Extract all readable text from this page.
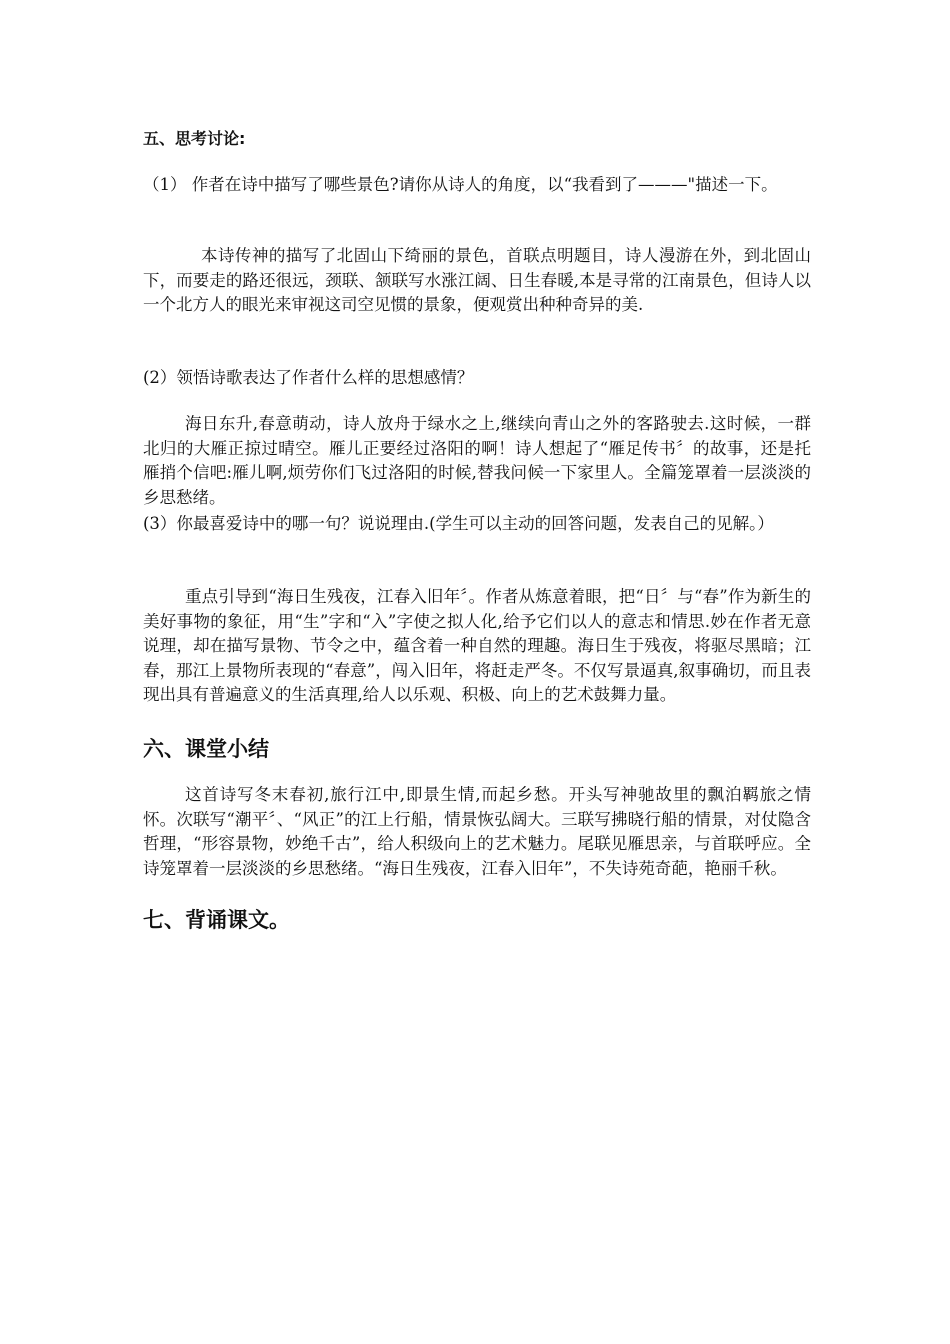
五、思考讨论:

（1） 作者在诗中描写了哪些景色?请你从诗人的角度，以“我看到了———"描述一下。

本诗传神的描写了北固山下绮丽的景色，首联点明题目，诗人漫游在外，到北固山下，而要走的路还很远，颈联、颔联写水涨江阔、日生春暖,本是寻常的江南景色，但诗人以一个北方人的眼光来审视这司空见惯的景象，便观赏出种种奇异的美.

(2）领悟诗歌表达了作者什么样的思想感情？

海日东升,春意萌动，诗人放舟于绿水之上,继续向青山之外的客路驶去.这时候，一群北归的大雁正掠过晴空。雁儿正要经过洛阳的啊！诗人想起了“雁足传书〞的故事，还是托雁捎个信吧:雁儿啊,烦劳你们飞过洛阳的时候,替我问候一下家里人。全篇笼罩着一层淡淡的乡思愁绪。

(3）你最喜爱诗中的哪一句？说说理由.(学生可以主动的回答问题，发表自己的见解。）

重点引导到“海日生残夜，江春入旧年〞。作者从炼意着眼，把“日〞与“春”作为新生的美好事物的象征，用“生”字和“入”字使之拟人化,给予它们以人的意志和情思.妙在作者无意说理，却在描写景物、节令之中，蕴含着一种自然的理趣。海日生于残夜，将驱尽黑暗；江春，那江上景物所表现的“春意”，闯入旧年，将赶走严冬。不仅写景逼真,叙事确切，而且表现出具有普遍意义的生活真理,给人以乐观、积极、向上的艺术鼓舞力量。

六、课堂小结

这首诗写冬末春初,旅行江中,即景生情,而起乡愁。开头写神驰故里的飘泊羁旅之情怀。次联写“潮平〞、“风正”的江上行船，情景恢弘阔大。三联写拂晓行船的情景，对仗隐含哲理，“形容景物，妙绝千古”，给人积级向上的艺术魅力。尾联见雁思亲，与首联呼应。全诗笼罩着一层淡淡的乡思愁绪。“海日生残夜，江春入旧年”，不失诗苑奇葩，艳丽千秋。

七、背诵课文。
